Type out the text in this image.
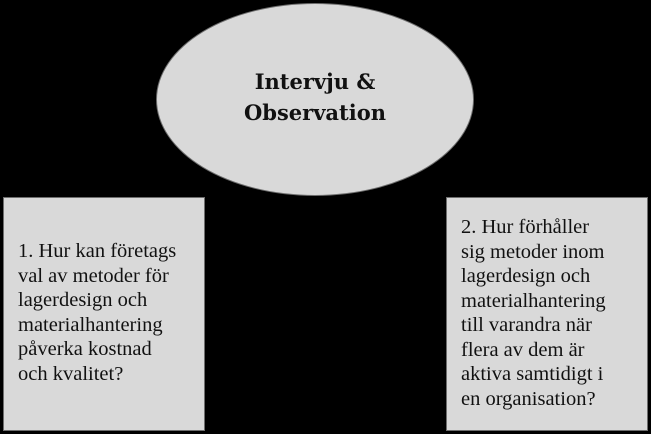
Intervju &
Observation
1. Hur kan företags
val av metoder för
lagerdesign och
materialhantering
påverka kostnad
och kvalitet?
2. Hur förhåller
sig metoder inom
lagerdesign och
materialhantering
till varandra när
flera av dem är
aktiva samtidigt i
en organisation?
